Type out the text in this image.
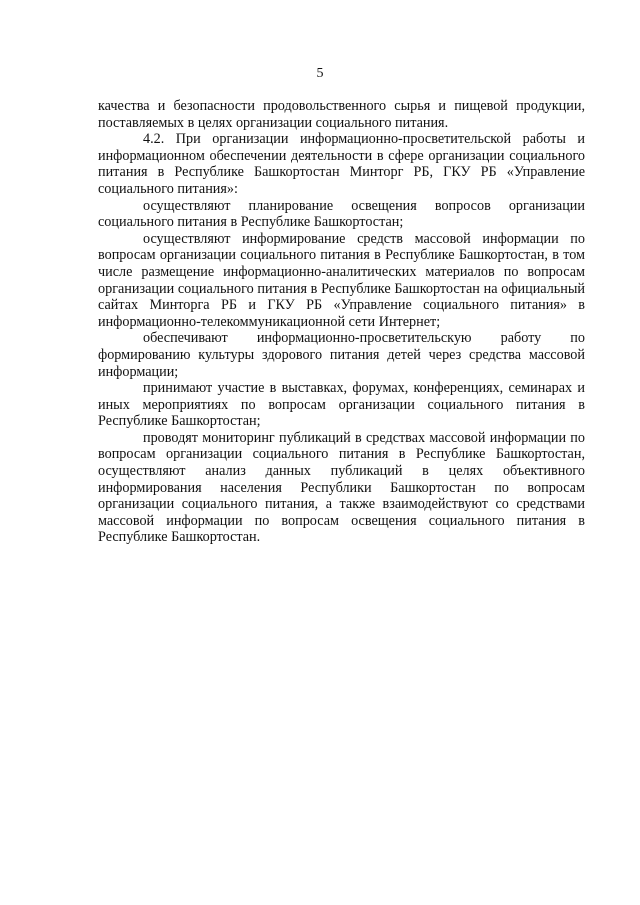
5

качества и безопасности продовольственного сырья и пищевой продукции, поставляемых в целях организации социального питания.

4.2. При организации информационно-просветительской работы и информационном обеспечении деятельности в сфере организации социального питания в Республике Башкортостан Минторг РБ, ГКУ РБ «Управление социального питания»:

осуществляют планирование освещения вопросов организации социального питания в Республике Башкортостан;

осуществляют информирование средств массовой информации по вопросам организации социального питания в Республике Башкортостан, в том числе размещение информационно-аналитических материалов по вопросам организации социального питания в Республике Башкортостан на официальный сайтах Минторга РБ и ГКУ РБ «Управление социального питания» в информационно-телекоммуникационной сети Интернет;

обеспечивают информационно-просветительскую работу по формированию культуры здорового питания детей через средства массовой информации;

принимают участие в выставках, форумах, конференциях, семинарах и иных мероприятиях по вопросам организации социального питания в Республике Башкортостан;

проводят мониторинг публикаций в средствах массовой информации по вопросам организации социального питания в Республике Башкортостан, осуществляют анализ данных публикаций в целях объективного информирования населения Республики Башкортостан по вопросам организации социального питания, а также взаимодействуют со средствами массовой информации по вопросам освещения социального питания в Республике Башкортостан.
